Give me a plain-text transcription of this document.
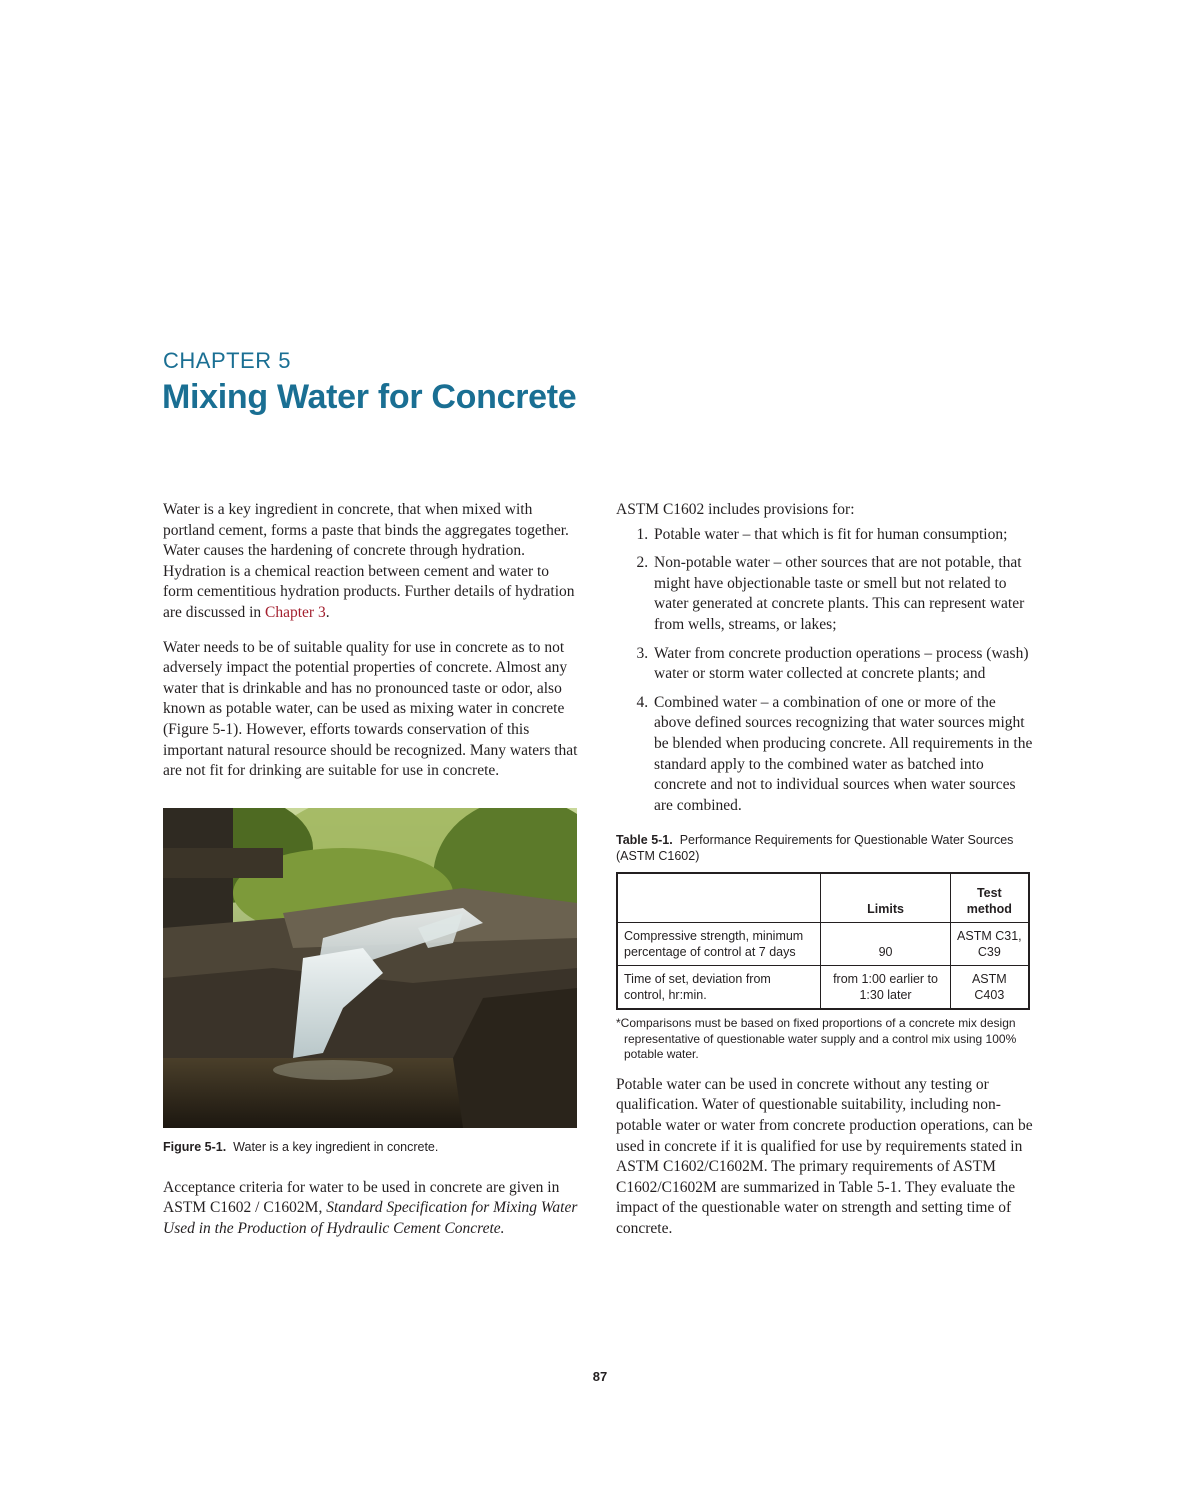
CHAPTER 5
Mixing Water for Concrete

Water is a key ingredient in concrete, that when mixed with portland cement, forms a paste that binds the aggregates together. Water causes the hardening of concrete through hydration. Hydration is a chemical reaction between cement and water to form cementitious hydration products. Further details of hydration are discussed in Chapter 3.

Water needs to be of suitable quality for use in concrete as to not adversely impact the potential properties of concrete. Almost any water that is drinkable and has no pronounced taste or odor, also known as potable water, can be used as mixing water in concrete (Figure 5-1). However, efforts towards conservation of this important natural resource should be recognized. Many waters that are not fit for drinking are suitable for use in concrete.

Figure 5-1. Water is a key ingredient in concrete.

Acceptance criteria for water to be used in concrete are given in ASTM C1602 / C1602M, Standard Specification for Mixing Water Used in the Production of Hydraulic Cement Concrete.

ASTM C1602 includes provisions for:

1. Potable water – that which is fit for human consumption;
2. Non-potable water – other sources that are not potable, that might have objectionable taste or smell but not related to water generated at concrete plants. This can represent water from wells, streams, or lakes;
3. Water from concrete production operations – process (wash) water or storm water collected at concrete plants; and
4. Combined water – a combination of one or more of the above defined sources recognizing that water sources might be blended when producing concrete. All requirements in the standard apply to the combined water as batched into concrete and not to individual sources when water sources are combined.
Table 5-1. Performance Requirements for Questionable Water Sources (ASTM C1602)
	Limits	Test method
Compressive strength, minimum percentage of control at 7 days	90	ASTM C31, C39
Time of set, deviation from control, hr:min.	from 1:00 earlier to 1:30 later	ASTM C403
*Comparisons must be based on fixed proportions of a concrete mix design representative of questionable water supply and a control mix using 100% potable water.

Potable water can be used in concrete without any testing or qualification. Water of questionable suitability, including non-potable water or water from concrete production operations, can be used in concrete if it is qualified for use by requirements stated in ASTM C1602/C1602M. The primary requirements of ASTM C1602/C1602M are summarized in Table 5-1. They evaluate the impact of the questionable water on strength and setting time of concrete.

87
